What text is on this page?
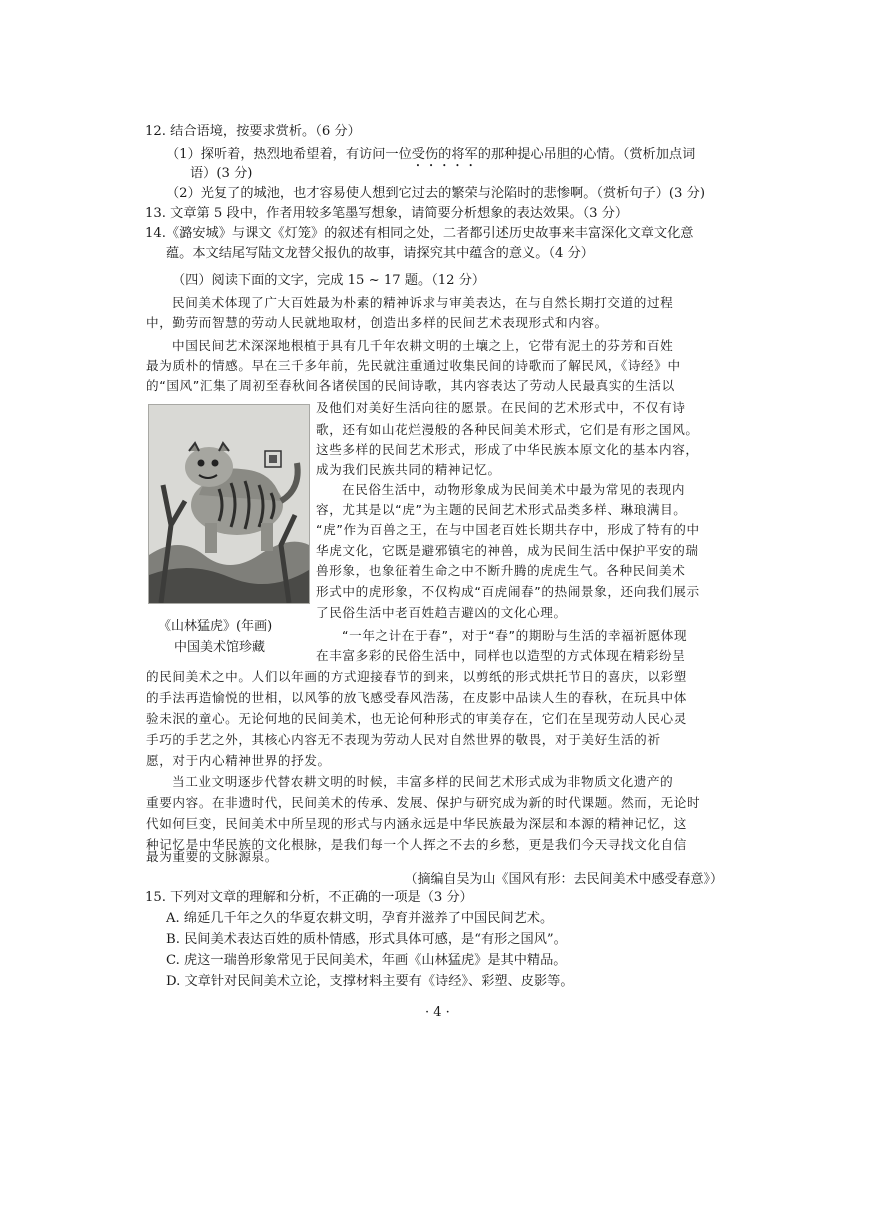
12. 结合语境，按要求赏析。（6 分）
（1）探听着，热烈地希望着，有访问一位受伤的将军的那种提心吊胆的心情。（赏析加点词
语）(3 分)
（2）光复了的城池，也才容易使人想到它过去的繁荣与沦陷时的悲惨啊。（赏析句子）(3 分)
13. 文章第 5 段中，作者用较多笔墨写想象，请简要分析想象的表达效果。（3 分）
14.《潞安城》与课文《灯笼》的叙述有相同之处，二者都引述历史故事来丰富深化文章文化意
蕴。本文结尾写陆文龙替父报仇的故事，请探究其中蕴含的意义。（4 分）
（四）阅读下面的文字，完成 15 ~ 17 题。（12 分）
民间美术体现了广大百姓最为朴素的精神诉求与审美表达，在与自然长期打交道的过程
中，勤劳而智慧的劳动人民就地取材，创造出多样的民间艺术表现形式和内容。
中国民间艺术深深地根植于具有几千年农耕文明的土壤之上，它带有泥土的芬芳和百姓
最为质朴的情感。早在三千多年前，先民就注重通过收集民间的诗歌而了解民风，《诗经》中
的“国风”汇集了周初至春秋间各诸侯国的民间诗歌，其内容表达了劳动人民最真实的生活以
及他们对美好生活向往的愿景。在民间的艺术形式中，不仅有诗
歌，还有如山花烂漫般的各种民间美术形式，它们是有形之国风。
这些多样的民间艺术形式，形成了中华民族本原文化的基本内容，
成为我们民族共同的精神记忆。
在民俗生活中，动物形象成为民间美术中最为常见的表现内
容，尤其是以“虎”为主题的民间艺术形式品类多样、琳琅满目。
“虎”作为百兽之王，在与中国老百姓长期共存中，形成了特有的中
华虎文化，它既是避邪镇宅的神兽，成为民间生活中保护平安的瑞
兽形象，也象征着生命之中不断升腾的虎虎生气。各种民间美术
形式中的虎形象，不仅构成“百虎闹春”的热闹景象，还向我们展示
了民俗生活中老百姓趋吉避凶的文化心理。
“一年之计在于春”，对于“春”的期盼与生活的幸福祈愿体现
在丰富多彩的民俗生活中，同样也以造型的方式体现在精彩纷呈
的民间美术之中。人们以年画的方式迎接春节的到来，以剪纸的形式烘托节日的喜庆，以彩塑
的手法再造愉悦的世相，以风筝的放飞感受春风浩荡，在皮影中品读人生的春秋，在玩具中体
验未泯的童心。无论何地的民间美术，也无论何种形式的审美存在，它们在呈现劳动人民心灵
手巧的手艺之外，其核心内容无不表现为劳动人民对自然世界的敬畏，对于美好生活的祈
愿，对于内心精神世界的抒发。
当工业文明逐步代替农耕文明的时候，丰富多样的民间艺术形式成为非物质文化遗产的
重要内容。在非遗时代，民间美术的传承、发展、保护与研究成为新的时代课题。然而，无论时
代如何巨变，民间美术中所呈现的形式与内涵永远是中华民族最为深层和本源的精神记忆，这
种记忆是中华民族的文化根脉，是我们每一个人挥之不去的乡愁，更是我们今天寻找文化自信
最为重要的文脉源泉。
（摘编自吴为山《国风有形：去民间美术中感受春意》）
《山林猛虎》(年画)
中国美术馆珍藏
15. 下列对文章的理解和分析，不正确的一项是（3 分）
A. 绵延几千年之久的华夏农耕文明，孕育并滋养了中国民间艺术。
B. 民间美术表达百姓的质朴情感，形式具体可感，是“有形之国风”。
C. 虎这一瑞兽形象常见于民间美术，年画《山林猛虎》是其中精品。
D. 文章针对民间美术立论，支撑材料主要有《诗经》、彩塑、皮影等。
· 4 ·
